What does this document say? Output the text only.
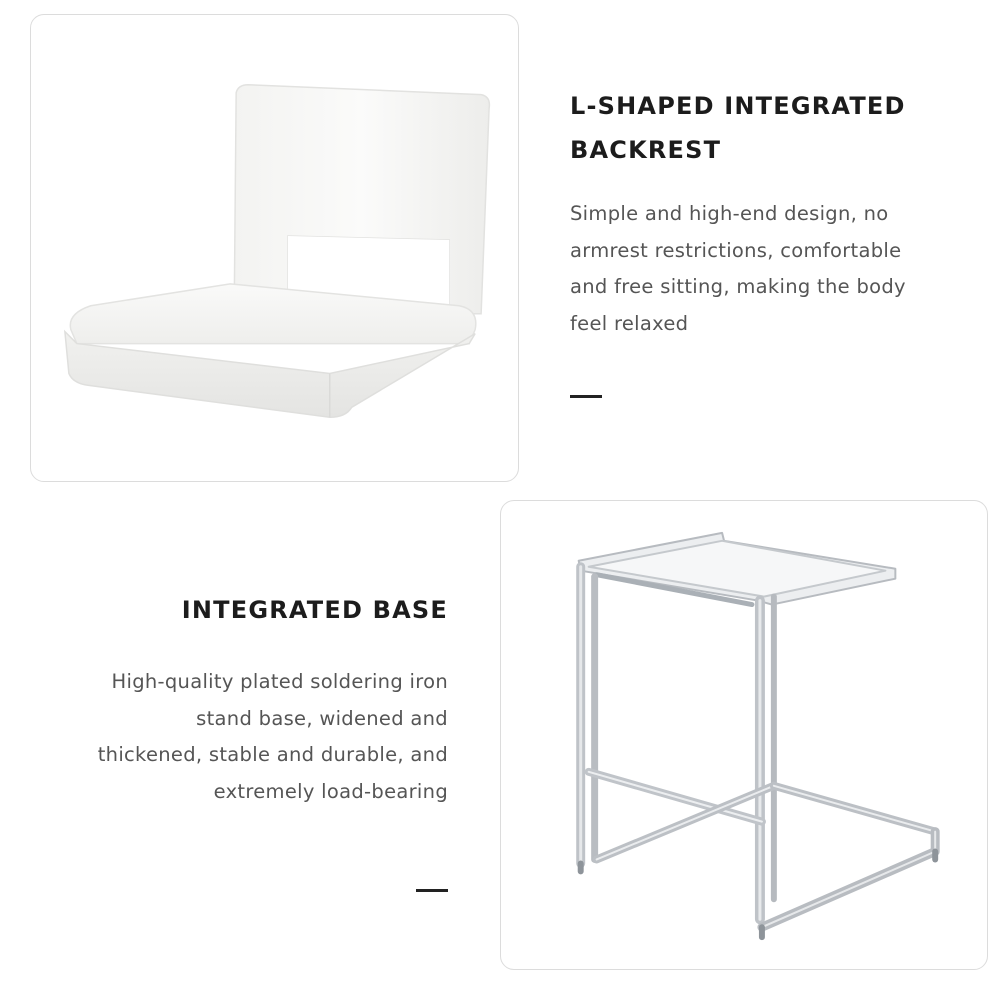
L-SHAPED INTEGRATED
BACKREST

Simple and high-end design, no
armrest restrictions, comfortable
and free sitting, making the body
feel relaxed

INTEGRATED BASE

High-quality plated soldering iron
stand base, widened and
thickened, stable and durable, and
extremely load-bearing
